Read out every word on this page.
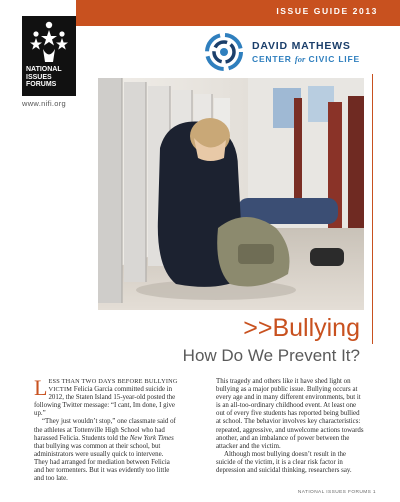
ISSUE GUIDE 2013
NATIONAL ISSUES FORUMS
www.nifi.org
DAVID MATHEWS
CENTER for CIVIC LIFE
>>Bullying
How Do We Prevent It?

LESS THAN TWO DAYS BEFORE BULLYING VICTIM Felicia Garcia committed suicide in 2012, the Staten Island 15-year-old posted the following Twitter message: “I cant, Im done, I give up.”

“They just wouldn’t stop,” one classmate said of the athletes at Tottenville High School who had harassed Felicia. Students told the New York Times that bullying was common at their school, but administrators were usually quick to intervene. They had arranged for mediation between Felicia and her tormenters. But it was evidently too little and too late.

This tragedy and others like it have shed light on bullying as a major public issue. Bullying occurs at every age and in many different environments, but it is an all-too-ordinary childhood event. At least one out of every five students has reported being bullied at school. The behavior involves key characteristics: repeated, aggressive, and unwelcome actions towards another, and an imbalance of power between the attacker and the victim.

Although most bullying doesn’t result in the suicide of the victim, it is a clear risk factor in depression and suicidal thinking, researchers say.

NATIONAL ISSUES FORUMS 1
